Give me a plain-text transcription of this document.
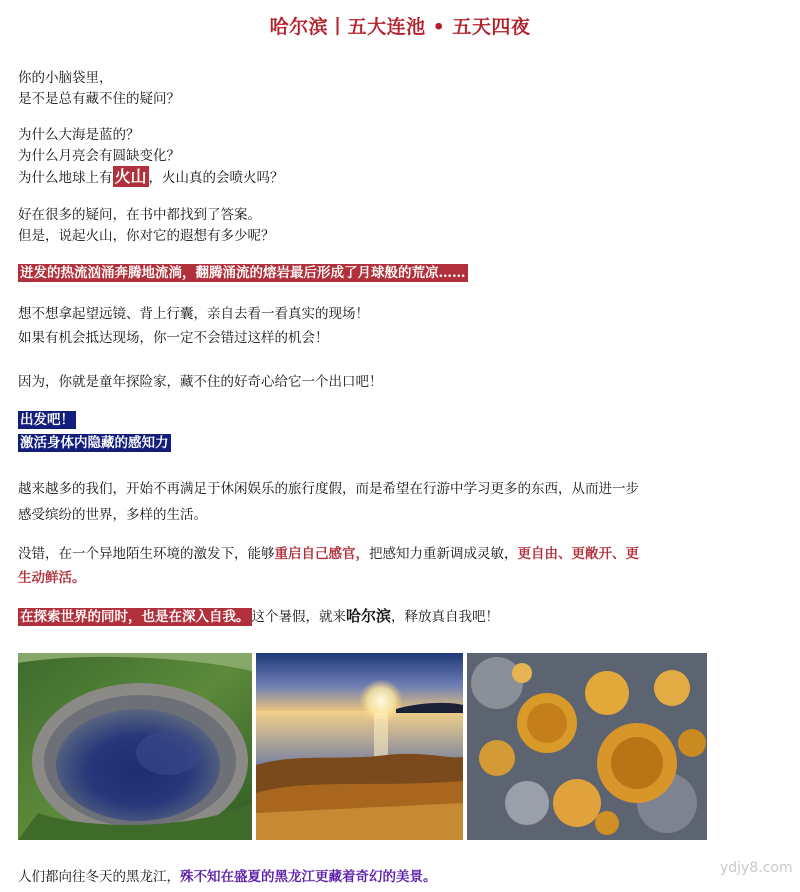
哈尔滨丨五大连池 • 五天四夜
你的小脑袋里，
是不是总有藏不住的疑问？
为什么大海是蓝的？
为什么月亮会有圆缺变化？
为什么地球上有 火山 ，火山真的会喷火吗？
好在很多的疑问，在书中都找到了答案。
但是，说起火山，你对它的遐想有多少呢？
迸发的热流汹涌奔腾地流淌，翻腾涌流的熔岩最后形成了月球般的荒凉……
想不想拿起望远镜、背上行囊，亲自去看一看真实的现场！
如果有机会抵达现场，你一定不会错过这样的机会！
因为，你就是童年探险家，藏不住的好奇心给它一个出口吧！
出发吧！
激活身体内隐藏的感知力
越来越多的我们，开始不再满足于休闲娱乐的旅行度假，而是希望在行游中学习更多的东西，从而进一步
感受缤纷的世界，多样的生活。
没错，在一个异地陌生环境的激发下，能够重启自己感官，把感知力重新调成灵敏，更自由、更敞开、更
生动鲜活。
在探索世界的同时，也是在深入自我。 这个暑假，就来哈尔滨，释放真自我吧！
人们都向往冬天的黑龙江，殊不知在盛夏的黑龙江更藏着奇幻的美景。
ydjy8.com
